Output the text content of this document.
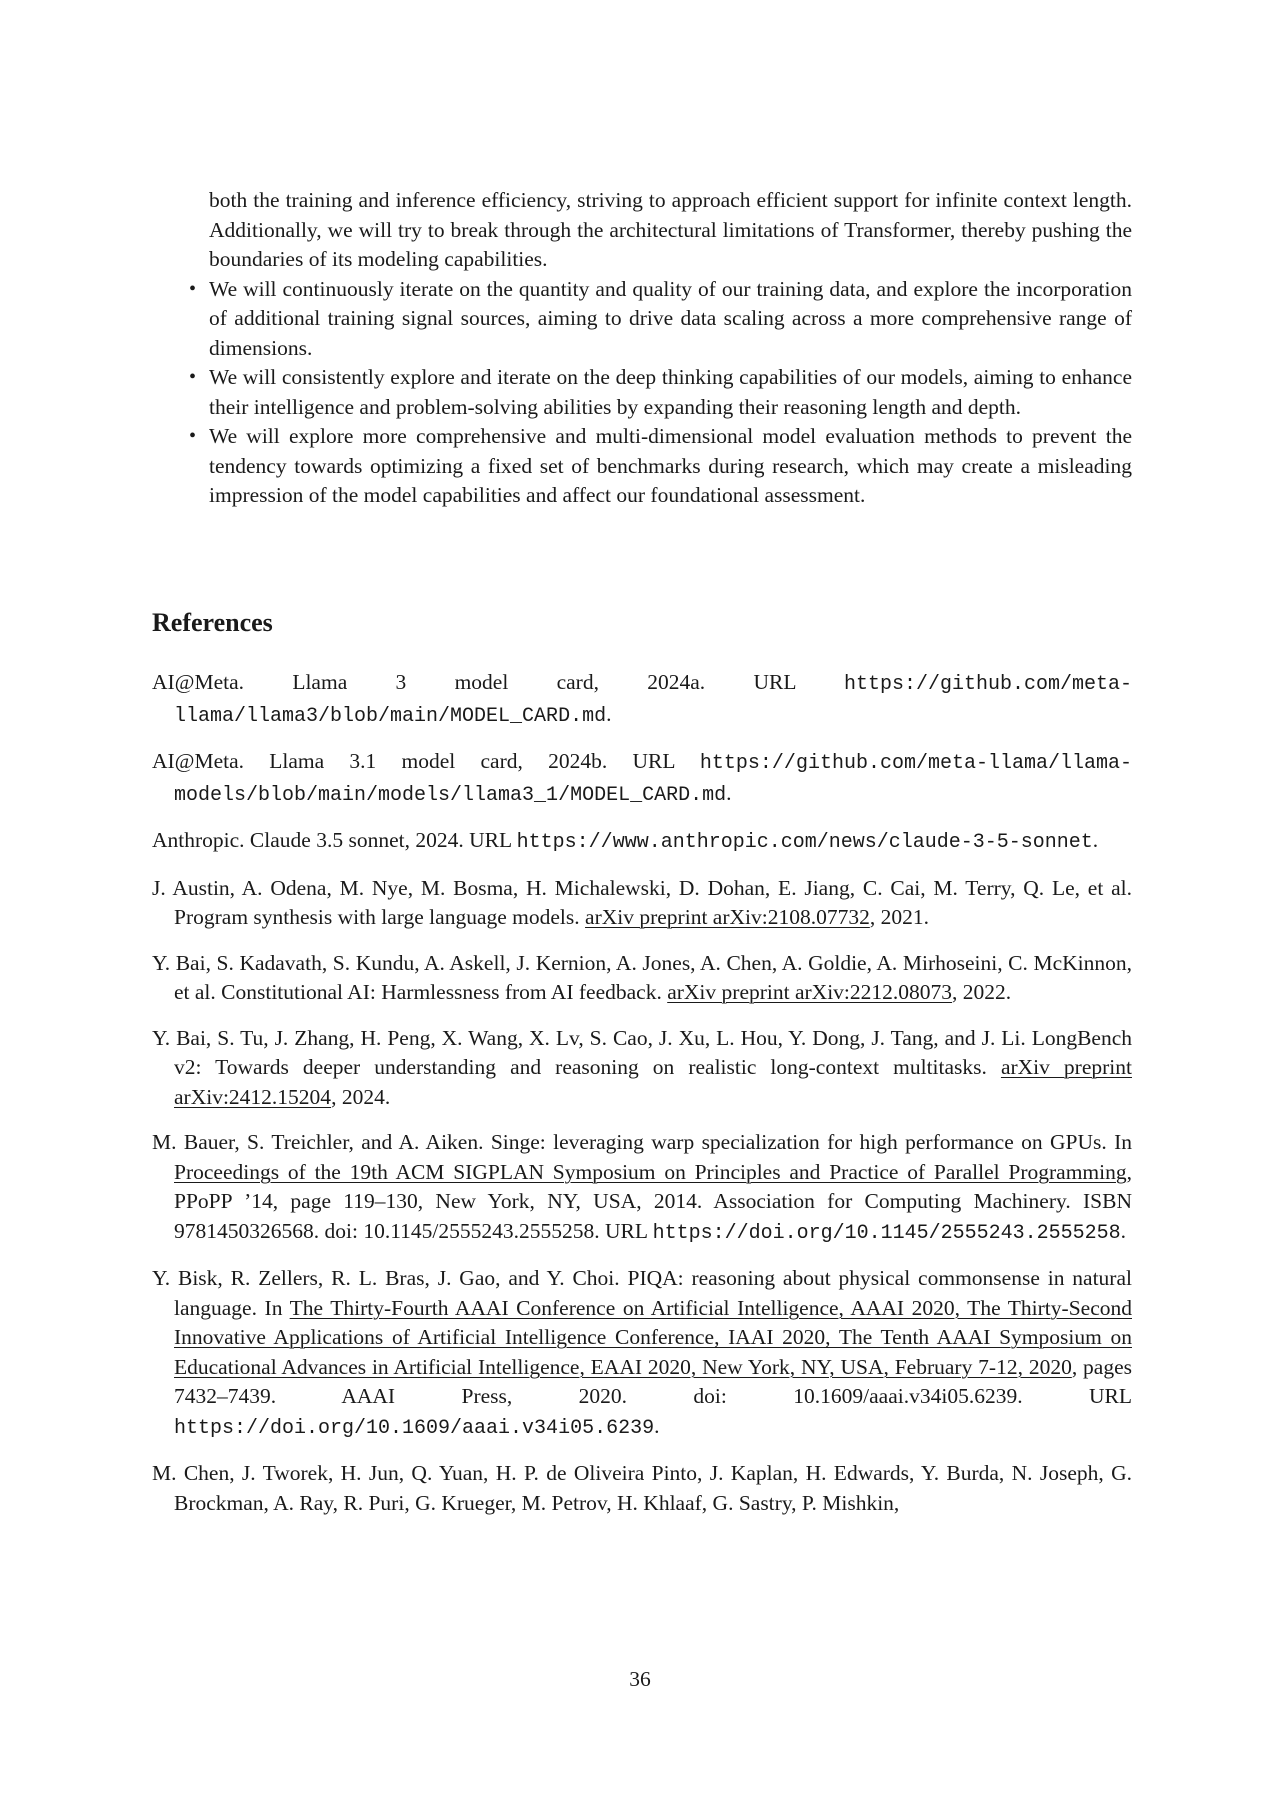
both the training and inference efficiency, striving to approach efficient support for infinite context length. Additionally, we will try to break through the architectural limitations of Transformer, thereby pushing the boundaries of its modeling capabilities.
• We will continuously iterate on the quantity and quality of our training data, and explore the incorporation of additional training signal sources, aiming to drive data scaling across a more comprehensive range of dimensions.
• We will consistently explore and iterate on the deep thinking capabilities of our models, aiming to enhance their intelligence and problem-solving abilities by expanding their reasoning length and depth.
• We will explore more comprehensive and multi-dimensional model evaluation methods to prevent the tendency towards optimizing a fixed set of benchmarks during research, which may create a misleading impression of the model capabilities and affect our foundational assessment.
References
AI@Meta. Llama 3 model card, 2024a. URL https://github.com/meta-llama/llama3/blob/main/MODEL_CARD.md.
AI@Meta. Llama 3.1 model card, 2024b. URL https://github.com/meta-llama/llama-models/blob/main/models/llama3_1/MODEL_CARD.md.
Anthropic. Claude 3.5 sonnet, 2024. URL https://www.anthropic.com/news/claude-3-5-sonnet.
J. Austin, A. Odena, M. Nye, M. Bosma, H. Michalewski, D. Dohan, E. Jiang, C. Cai, M. Terry, Q. Le, et al. Program synthesis with large language models. arXiv preprint arXiv:2108.07732, 2021.
Y. Bai, S. Kadavath, S. Kundu, A. Askell, J. Kernion, A. Jones, A. Chen, A. Goldie, A. Mirhoseini, C. McKinnon, et al. Constitutional AI: Harmlessness from AI feedback. arXiv preprint arXiv:2212.08073, 2022.
Y. Bai, S. Tu, J. Zhang, H. Peng, X. Wang, X. Lv, S. Cao, J. Xu, L. Hou, Y. Dong, J. Tang, and J. Li. LongBench v2: Towards deeper understanding and reasoning on realistic long-context multitasks. arXiv preprint arXiv:2412.15204, 2024.
M. Bauer, S. Treichler, and A. Aiken. Singe: leveraging warp specialization for high performance on GPUs. In Proceedings of the 19th ACM SIGPLAN Symposium on Principles and Practice of Parallel Programming, PPoPP ’14, page 119–130, New York, NY, USA, 2014. Association for Computing Machinery. ISBN 9781450326568. doi: 10.1145/2555243.2555258. URL https://doi.org/10.1145/2555243.2555258.
Y. Bisk, R. Zellers, R. L. Bras, J. Gao, and Y. Choi. PIQA: reasoning about physical commonsense in natural language. In The Thirty-Fourth AAAI Conference on Artificial Intelligence, AAAI 2020, The Thirty-Second Innovative Applications of Artificial Intelligence Conference, IAAI 2020, The Tenth AAAI Symposium on Educational Advances in Artificial Intelligence, EAAI 2020, New York, NY, USA, February 7-12, 2020, pages 7432–7439. AAAI Press, 2020. doi: 10.1609/aaai.v34i05.6239. URL https://doi.org/10.1609/aaai.v34i05.6239.
M. Chen, J. Tworek, H. Jun, Q. Yuan, H. P. de Oliveira Pinto, J. Kaplan, H. Edwards, Y. Burda, N. Joseph, G. Brockman, A. Ray, R. Puri, G. Krueger, M. Petrov, H. Khlaaf, G. Sastry, P. Mishkin,
36
